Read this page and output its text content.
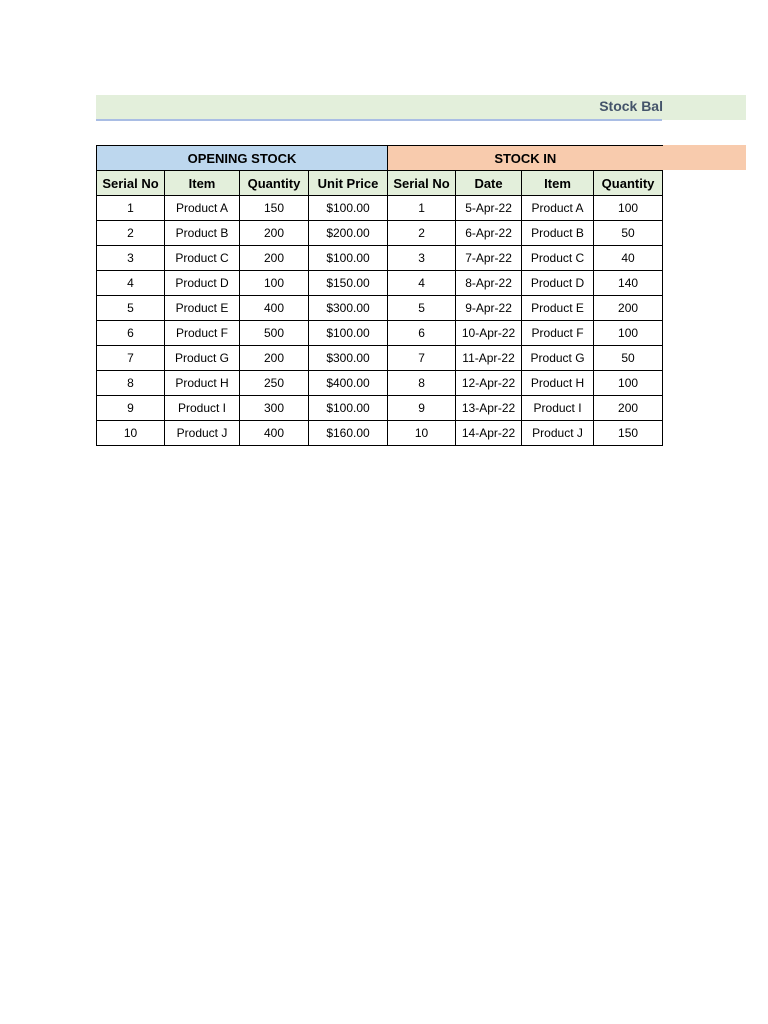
Stock Bal
OPENING STOCK				STOCK IN			
Serial No	Item	Quantity	Unit Price	Serial No	Date	Item	Quantity
1	Product A	150	$100.00	1	5-Apr-22	Product A	100
2	Product B	200	$200.00	2	6-Apr-22	Product B	50
3	Product C	200	$100.00	3	7-Apr-22	Product C	40
4	Product D	100	$150.00	4	8-Apr-22	Product D	140
5	Product E	400	$300.00	5	9-Apr-22	Product E	200
6	Product F	500	$100.00	6	10-Apr-22	Product F	100
7	Product G	200	$300.00	7	11-Apr-22	Product G	50
8	Product H	250	$400.00	8	12-Apr-22	Product H	100
9	Product I	300	$100.00	9	13-Apr-22	Product I	200
10	Product J	400	$160.00	10	14-Apr-22	Product J	150
